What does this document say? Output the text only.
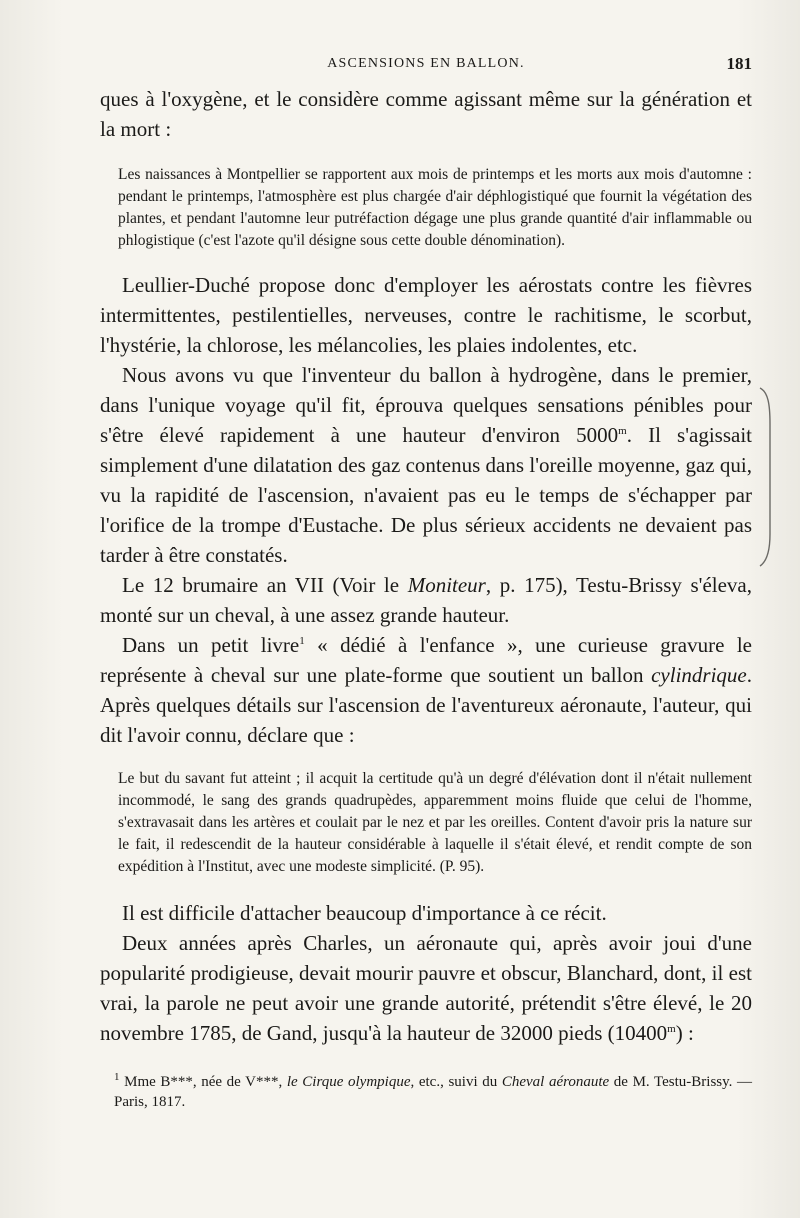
ASCENSIONS EN BALLON.	181

ques à l'oxygène, et le considère comme agissant même sur la génération et la mort :

Les naissances à Montpellier se rapportent aux mois de printemps et les morts aux mois d'automne : pendant le printemps, l'atmosphère est plus chargée d'air déphlogistiqué que fournit la végétation des plantes, et pendant l'automne leur putréfaction dégage une plus grande quantité d'air inflammable ou phlogistique (c'est l'azote qu'il désigne sous cette double dénomination).

Leullier-Duché propose donc d'employer les aérostats contre les fièvres intermittentes, pestilentielles, nerveuses, contre le rachitisme, le scorbut, l'hystérie, la chlorose, les mélancolies, les plaies indolentes, etc.

Nous avons vu que l'inventeur du ballon à hydrogène, dans le premier, dans l'unique voyage qu'il fit, éprouva quelques sensations pénibles pour s'être élevé rapidement à une hauteur d'environ 5000$^m$. Il s'agissait simplement d'une dilatation des gaz contenus dans l'oreille moyenne, gaz qui, vu la rapidité de l'ascension, n'avaient pas eu le temps de s'échapper par l'orifice de la trompe d'Eustache. De plus sérieux accidents ne devaient pas tarder à être constatés.

Le 12 brumaire an VII (Voir le Moniteur, p. 175), Testu-Brissy s'éleva, monté sur un cheval, à une assez grande hauteur.

Dans un petit livre$^1$ « dédié à l'enfance », une curieuse gravure le représente à cheval sur une plate-forme que soutient un ballon cylindrique. Après quelques détails sur l'ascension de l'aventureux aéronaute, l'auteur, qui dit l'avoir connu, déclare que :

Le but du savant fut atteint ; il acquit la certitude qu'à un degré d'élévation dont il n'était nullement incommodé, le sang des grands quadrupèdes, apparemment moins fluide que celui de l'homme, s'extravasait dans les artères et coulait par le nez et par les oreilles. Content d'avoir pris la nature sur le fait, il redescendit de la hauteur considérable à laquelle il s'était élevé, et rendit compte de son expédition à l'Institut, avec une modeste simplicité. (P. 95).

Il est difficile d'attacher beaucoup d'importance à ce récit.

Deux années après Charles, un aéronaute qui, après avoir joui d'une popularité prodigieuse, devait mourir pauvre et obscur, Blanchard, dont, il est vrai, la parole ne peut avoir une grande autorité, prétendit s'être élevé, le 20 novembre 1785, de Gand, jusqu'à la hauteur de 32000 pieds (10400$^m$) :

$^1$ Mme B***, née de V***, le Cirque olympique, etc., suivi du Cheval aéronaute de M. Testu-Brissy. — Paris, 1817.
